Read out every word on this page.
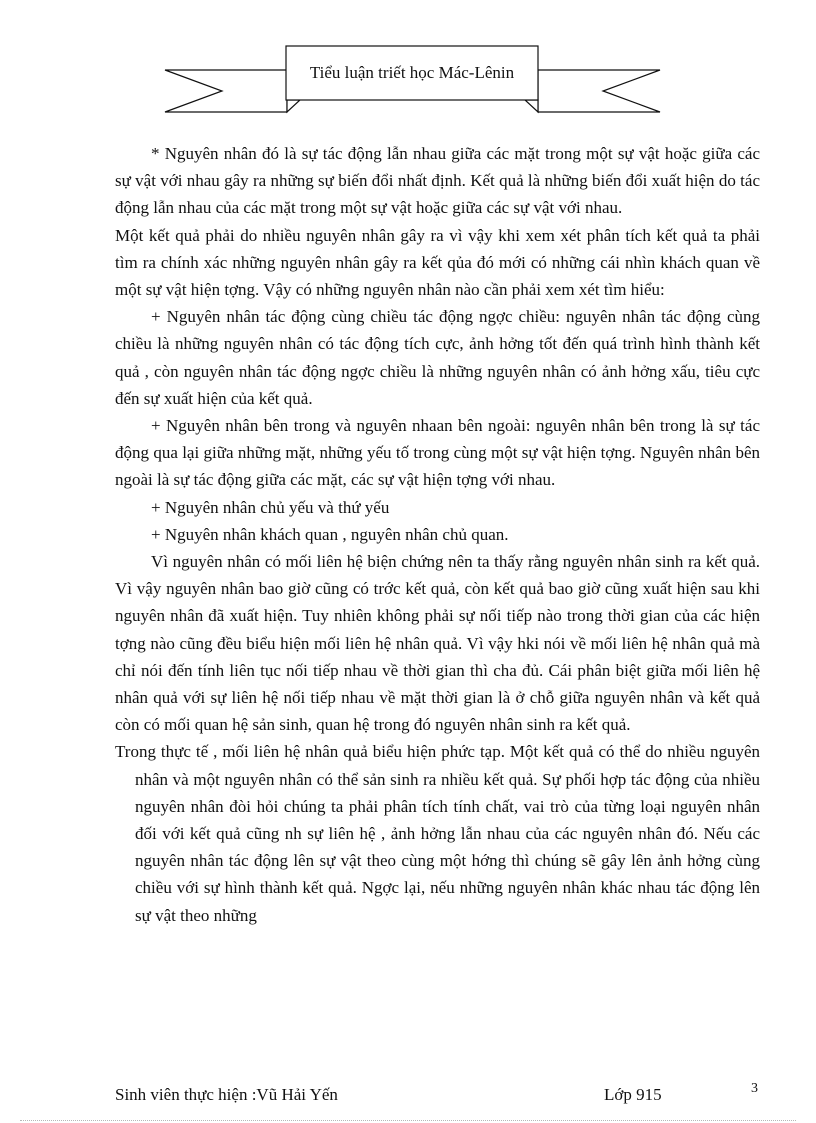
Tiểu luận triết học Mác-Lênin

* Nguyên nhân đó là sự tác động lẫn nhau giữa các mặt trong một sự vật hoặc giữa các sự vật với nhau gây ra những sự biến đổi nhất định. Kết quả là những biến đổi xuất hiện do tác động lẫn nhau của các mặt trong một sự vật hoặc giữa các sự vật với nhau.

Một kết quả phải do nhiều nguyên nhân gây ra vì vậy khi xem xét phân tích kết quả ta phải tìm ra chính xác những nguyên nhân gây ra kết qủa đó mới có những cái nhìn khách quan về một sự vật hiện tợng. Vậy có những nguyên nhân nào cần phải xem xét tìm hiểu:

+ Nguyên nhân tác động cùng chiều tác động ngợc chiều: nguyên nhân tác động cùng chiều là những nguyên nhân có tác động tích cực, ảnh hởng tốt đến quá trình hình thành kết quả , còn nguyên nhân tác động ngợc chiều là những nguyên nhân có ảnh hởng xấu, tiêu cực đến sự xuất hiện của kết quả.

+ Nguyên nhân bên trong và nguyên nhaan bên ngoài: nguyên nhân bên trong là sự tác động qua lại giữa những mặt, những yếu tố trong cùng một sự vật hiện tợng. Nguyên nhân bên ngoài là sự tác động giữa các mặt, các sự vật hiện tợng với nhau.

+ Nguyên nhân chủ yếu và thứ yếu

+ Nguyên nhân khách quan , nguyên nhân chủ quan.

Vì nguyên nhân có mối liên hệ biện chứng nên ta thấy rằng nguyên nhân sinh ra kết quả. Vì vậy nguyên nhân bao giờ cũng có trớc kết quả, còn kết quả bao giờ cũng xuất hiện sau khi nguyên nhân đã xuất hiện. Tuy nhiên không phải sự nối tiếp nào trong thời gian của các hiện tợng nào cũng đều biểu hiện mối liên hệ nhân quả. Vì vậy hki nói về mối liên hệ nhân quả mà chỉ nói đến tính liên tục nối tiếp nhau về thời gian thì cha đủ. Cái phân biệt giữa mối liên hệ nhân quả với sự liên hệ nối tiếp nhau về mặt thời gian là ở chỗ giữa nguyên nhân và kết quả còn có mối quan hệ sản sinh, quan hệ trong đó nguyên nhân sinh ra kết quả.

Trong thực tế , mối liên hệ nhân quả biểu hiện phức tạp. Một kết quả có thể do nhiều nguyên nhân và một nguyên nhân có thể sản sinh ra nhiều kết quả. Sự phối hợp tác động của nhiều nguyên nhân đòi hỏi chúng ta phải phân tích tính chất, vai trò của từng loại nguyên nhân đối với kết quả cũng nh sự liên hệ , ảnh hởng lẫn nhau của các nguyên nhân đó. Nếu các nguyên nhân tác động lên sự vật theo cùng một hớng thì chúng sẽ gây lên ảnh hởng cùng chiều với sự hình thành kết quả. Ngợc lại, nếu những nguyên nhân khác nhau tác động lên sự vật theo những

Sinh viên thực hiện :Vũ Hải Yến	Lớp 915	3
